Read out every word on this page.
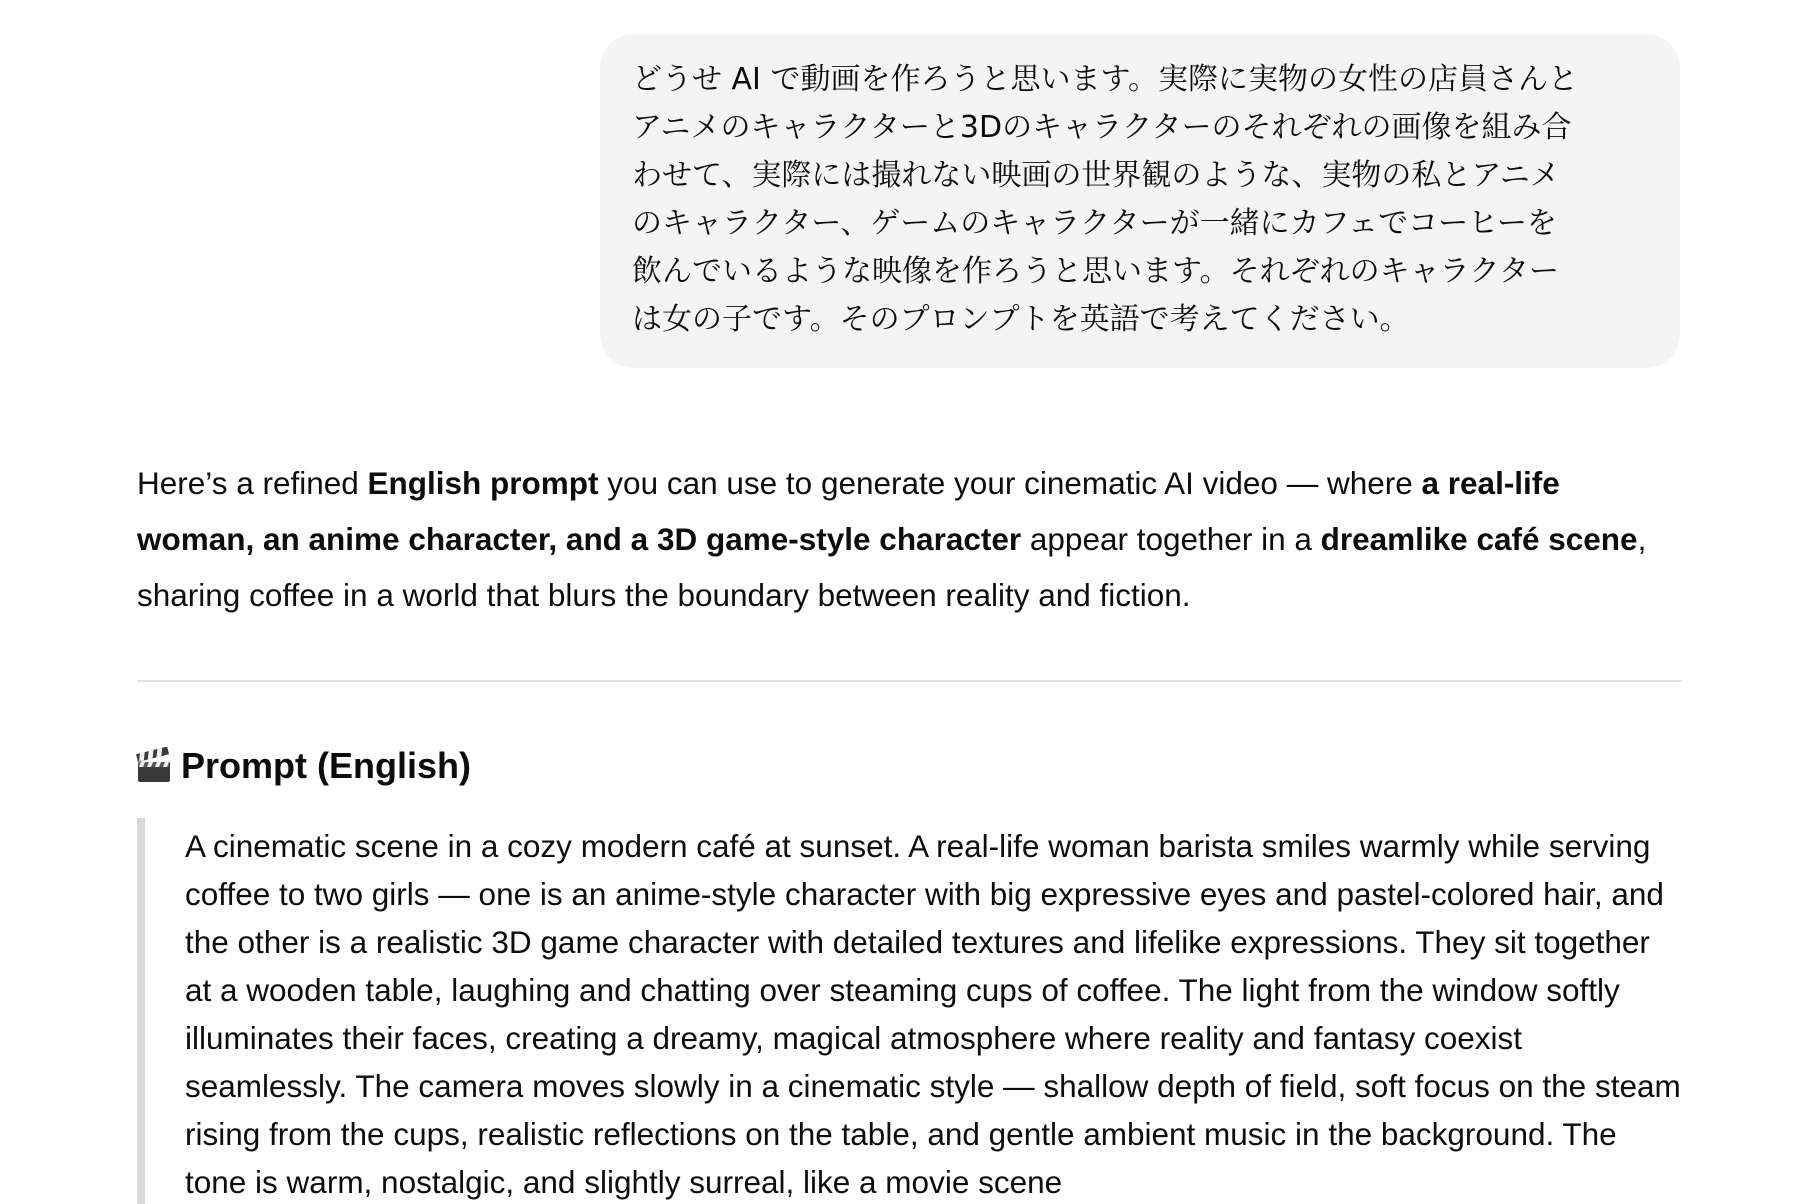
どうせ AI で動画を作ろうと思います。実際に実物の女性の店員さんと
アニメのキャラクターと3Dのキャラクターのそれぞれの画像を組み合
わせて、実際には撮れない映画の世界観のような、実物の私とアニメ
のキャラクター、ゲームのキャラクターが一緒にカフェでコーヒーを
飲んでいるような映像を作ろうと思います。それぞれのキャラクター
は女の子です。そのプロンプトを英語で考えてください。

Here’s a refined English prompt you can use to generate your cinematic AI video — where a real-life woman, an anime character, and a 3D game-style character appear together in a dreamlike café scene, sharing coffee in a world that blurs the boundary between reality and fiction.

Prompt (English)

A cinematic scene in a cozy modern café at sunset. A real-life woman barista smiles warmly while serving coffee to two girls — one is an anime-style character with big expressive eyes and pastel-colored hair, and the other is a realistic 3D game character with detailed textures and lifelike expressions. They sit together at a wooden table, laughing and chatting over steaming cups of coffee. The light from the window softly illuminates their faces, creating a dreamy, magical atmosphere where reality and fantasy coexist seamlessly. The camera moves slowly in a cinematic style — shallow depth of field, soft focus on the steam rising from the cups, realistic reflections on the table, and gentle ambient music in the background. The tone is warm, nostalgic, and slightly surreal, like a movie scene
